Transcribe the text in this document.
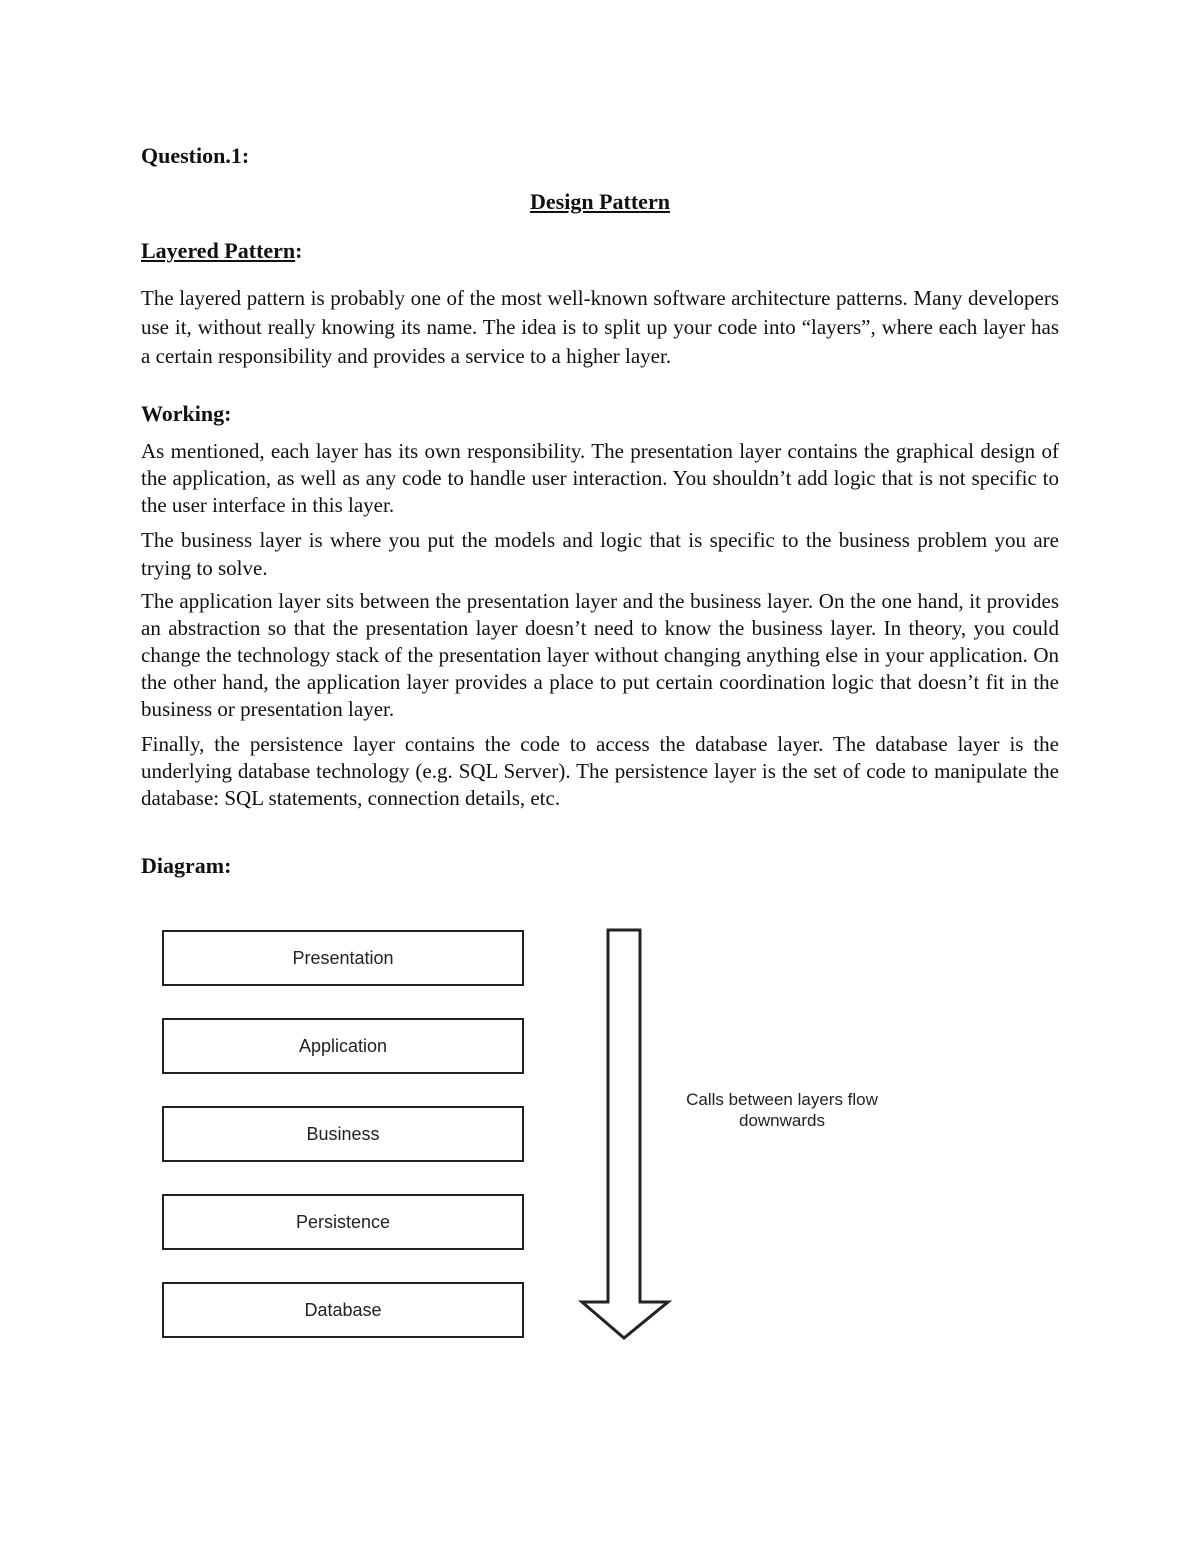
Question.1:

Design Pattern

Layered Pattern:

The layered pattern is probably one of the most well-known software architecture patterns. Many developers use it, without really knowing its name. The idea is to split up your code into “layers”, where each layer has a certain responsibility and provides a service to a higher layer.

Working:

As mentioned, each layer has its own responsibility. The presentation layer contains the graphical design of the application, as well as any code to handle user interaction. You shouldn’t add logic that is not specific to the user interface in this layer.

The business layer is where you put the models and logic that is specific to the business problem you are trying to solve.

The application layer sits between the presentation layer and the business layer. On the one hand, it provides an abstraction so that the presentation layer doesn’t need to know the business layer. In theory, you could change the technology stack of the presentation layer without changing anything else in your application. On the other hand, the application layer provides a place to put certain coordination logic that doesn’t fit in the business or presentation layer.

Finally, the persistence layer contains the code to access the database layer. The database layer is the underlying database technology (e.g. SQL Server). The persistence layer is the set of code to manipulate the database: SQL statements, connection details, etc.

Diagram:

Presentation
Application
Business
Persistence
Database
Calls between layers flow downwards
